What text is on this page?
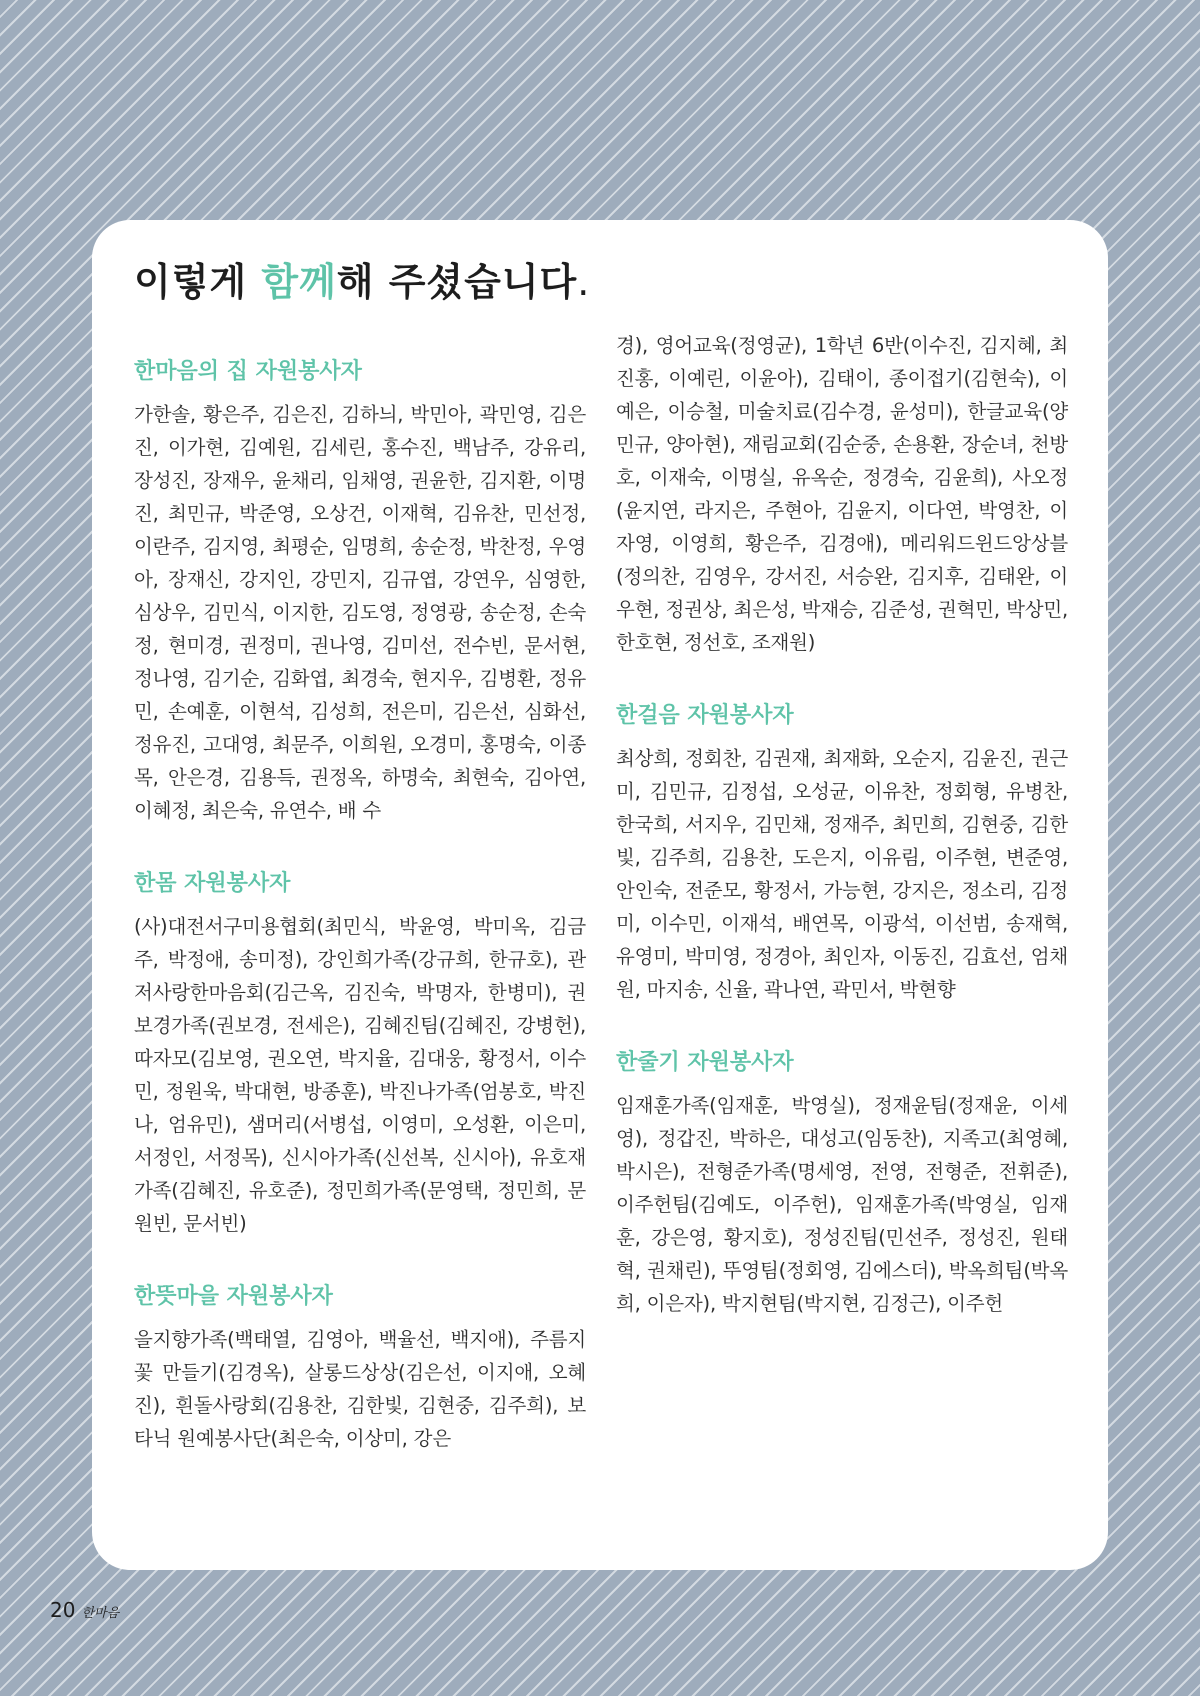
이렇게 함께해 주셨습니다.
한마음의 집 자원봉사자

가한솔, 황은주, 김은진, 김하늬, 박민아, 곽민영, 김은진, 이가현, 김예원, 김세린, 홍수진, 백남주, 강유리, 장성진, 장재우, 윤채리, 임채영, 권윤한, 김지환, 이명진, 최민규, 박준영, 오상건, 이재혁, 김유찬, 민선정, 이란주, 김지영, 최평순, 임명희, 송순정, 박찬정, 우영아, 장재신, 강지인, 강민지, 김규엽, 강연우, 심영한, 심상우, 김민식, 이지한, 김도영, 정영광, 송순정, 손숙정, 현미경, 권정미, 권나영, 김미선, 전수빈, 문서현, 정나영, 김기순, 김화엽, 최경숙, 현지우, 김병환, 정유민, 손예훈, 이현석, 김성희, 전은미, 김은선, 심화선, 정유진, 고대영, 최문주, 이희원, 오경미, 홍명숙, 이종목, 안은경, 김용득, 권정옥, 하명숙, 최현숙, 김아연, 이혜정, 최은숙, 유연수, 배 수

한몸 자원봉사자

(사)대전서구미용협회(최민식, 박윤영, 박미옥, 김금주, 박정애, 송미정), 강인희가족(강규희, 한규호), 관저사랑한마음회(김근옥, 김진숙, 박명자, 한병미), 권보경가족(권보경, 전세은), 김혜진팀(김혜진, 강병헌), 따자모(김보영, 권오연, 박지율, 김대웅, 황정서, 이수민, 정원욱, 박대현, 방종훈), 박진나가족(엄봉호, 박진나, 엄유민), 샘머리(서병섭, 이영미, 오성환, 이은미, 서정인, 서정목), 신시아가족(신선복, 신시아), 유호재가족(김혜진, 유호준), 정민희가족(문영택, 정민희, 문원빈, 문서빈)

한뜻마을 자원봉사자

을지향가족(백태열, 김영아, 백율선, 백지애), 주름지꽃 만들기(김경옥), 살롱드상상(김은선, 이지애, 오혜진), 흰돌사랑회(김용찬, 김한빛, 김현중, 김주희), 보타닉 원예봉사단(최은숙, 이상미, 강은

경), 영어교육(정영균), 1학년 6반(이수진, 김지혜, 최진홍, 이예린, 이윤아), 김태이, 종이접기(김현숙), 이예은, 이승철, 미술치료(김수경, 윤성미), 한글교육(양민규, 양아현), 재림교회(김순중, 손용환, 장순녀, 천방호, 이재숙, 이명실, 유옥순, 정경숙, 김윤희), 사오정(윤지연, 라지은, 주현아, 김윤지, 이다연, 박영찬, 이자영, 이영희, 황은주, 김경애), 메리워드윈드앙상블(정의찬, 김영우, 강서진, 서승완, 김지후, 김태완, 이우현, 정권상, 최은성, 박재승, 김준성, 권혁민, 박상민, 한호현, 정선호, 조재원)

한걸음 자원봉사자

최상희, 정회찬, 김권재, 최재화, 오순지, 김윤진, 권근미, 김민규, 김정섭, 오성균, 이유찬, 정회형, 유병찬, 한국희, 서지우, 김민채, 정재주, 최민희, 김현중, 김한빛, 김주희, 김용찬, 도은지, 이유림, 이주현, 변준영, 안인숙, 전준모, 황정서, 가능현, 강지은, 정소리, 김정미, 이수민, 이재석, 배연목, 이광석, 이선범, 송재혁, 유영미, 박미영, 정경아, 최인자, 이동진, 김효선, 엄채원, 마지송, 신율, 곽나연, 곽민서, 박현향

한줄기 자원봉사자

임재훈가족(임재훈, 박영실), 정재윤팀(정재윤, 이세영), 정갑진, 박하은, 대성고(임동찬), 지족고(최영혜, 박시은), 전형준가족(명세영, 전영, 전형준, 전휘준), 이주헌팀(김예도, 이주헌), 임재훈가족(박영실, 임재훈, 강은영, 황지호), 정성진팀(민선주, 정성진, 원태혁, 권채린), 뚜영팀(정회영, 김에스더), 박옥희팀(박옥희, 이은자), 박지현팀(박지현, 김정근), 이주헌

20 한마음
